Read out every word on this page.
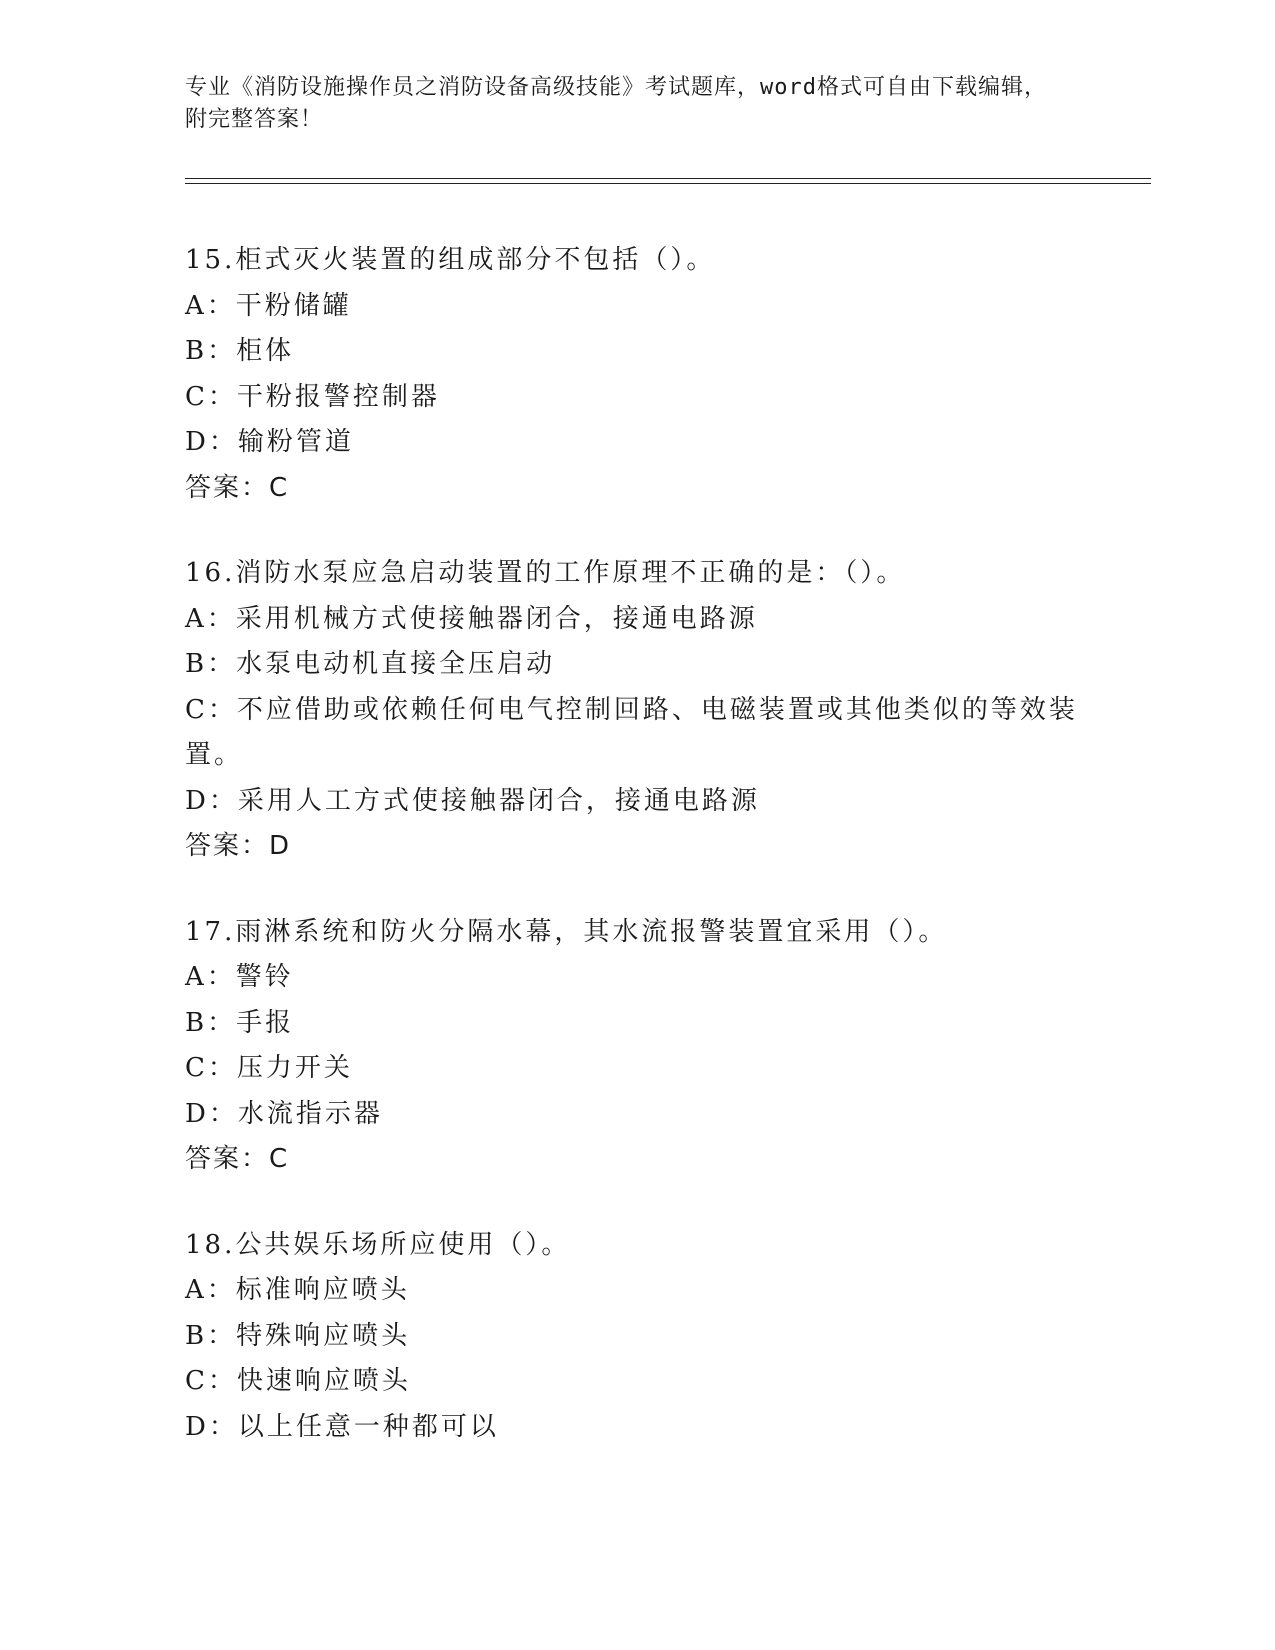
专业《消防设施操作员之消防设备高级技能》考试题库，word格式可自由下载编辑，附完整答案！
15.柜式灭火装置的组成部分不包括（）。
A：干粉储罐
B：柜体
C：干粉报警控制器
D：输粉管道
答案：C
16.消防水泵应急启动装置的工作原理不正确的是：（）。
A：采用机械方式使接触器闭合，接通电路源
B：水泵电动机直接全压启动
C：不应借助或依赖任何电气控制回路、电磁装置或其他类似的等效装置。
D：采用人工方式使接触器闭合，接通电路源
答案：D
17.雨淋系统和防火分隔水幕，其水流报警装置宜采用（）。
A：警铃
B：手报
C：压力开关
D：水流指示器
答案：C
18.公共娱乐场所应使用（）。
A：标准响应喷头
B：特殊响应喷头
C：快速响应喷头
D：以上任意一种都可以
